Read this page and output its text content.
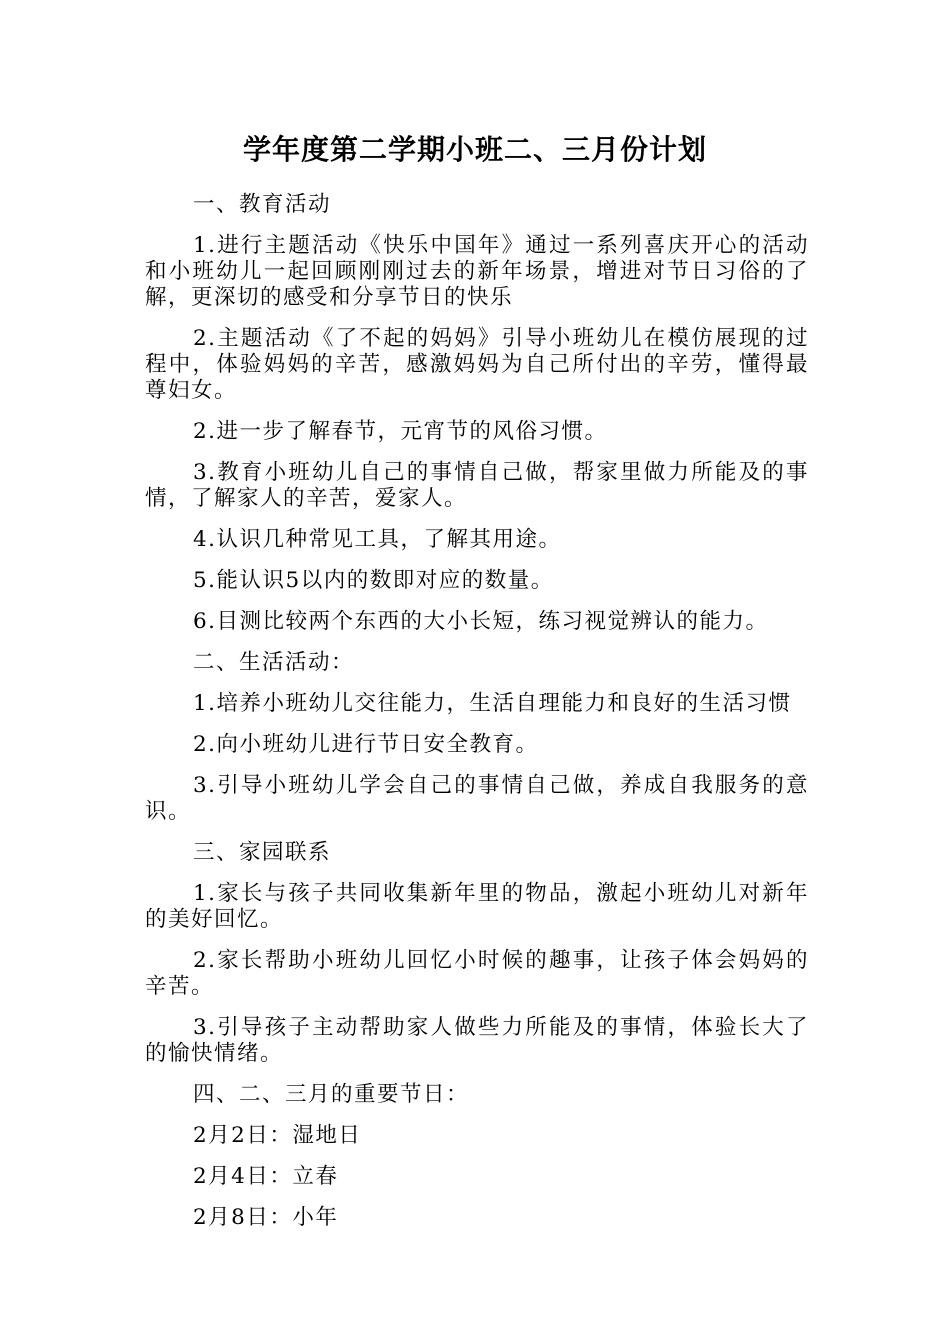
学年度第二学期小班二、三月份计划

一、教育活动

1.进行主题活动《快乐中国年》通过一系列喜庆开心的活动和小班幼儿一起回顾刚刚过去的新年场景，增进对节日习俗的了解，更深切的感受和分享节日的快乐

2.主题活动《了不起的妈妈》引导小班幼儿在模仿展现的过程中，体验妈妈的辛苦，感激妈妈为自己所付出的辛劳，懂得最尊妇女。

2.进一步了解春节，元宵节的风俗习惯。

3.教育小班幼儿自己的事情自己做，帮家里做力所能及的事情，了解家人的辛苦，爱家人。

4.认识几种常见工具，了解其用途。

5.能认识5以内的数即对应的数量。

6.目测比较两个东西的大小长短，练习视觉辨认的能力。

二、生活活动：

1.培养小班幼儿交往能力，生活自理能力和良好的生活习惯

2.向小班幼儿进行节日安全教育。

3.引导小班幼儿学会自己的事情自己做，养成自我服务的意识。

三、家园联系

1.家长与孩子共同收集新年里的物品，激起小班幼儿对新年的美好回忆。

2.家长帮助小班幼儿回忆小时候的趣事，让孩子体会妈妈的辛苦。

3.引导孩子主动帮助家人做些力所能及的事情，体验长大了的愉快情绪。

四、二、三月的重要节日：

2月2日：湿地日

2月4日：立春

2月8日：小年
